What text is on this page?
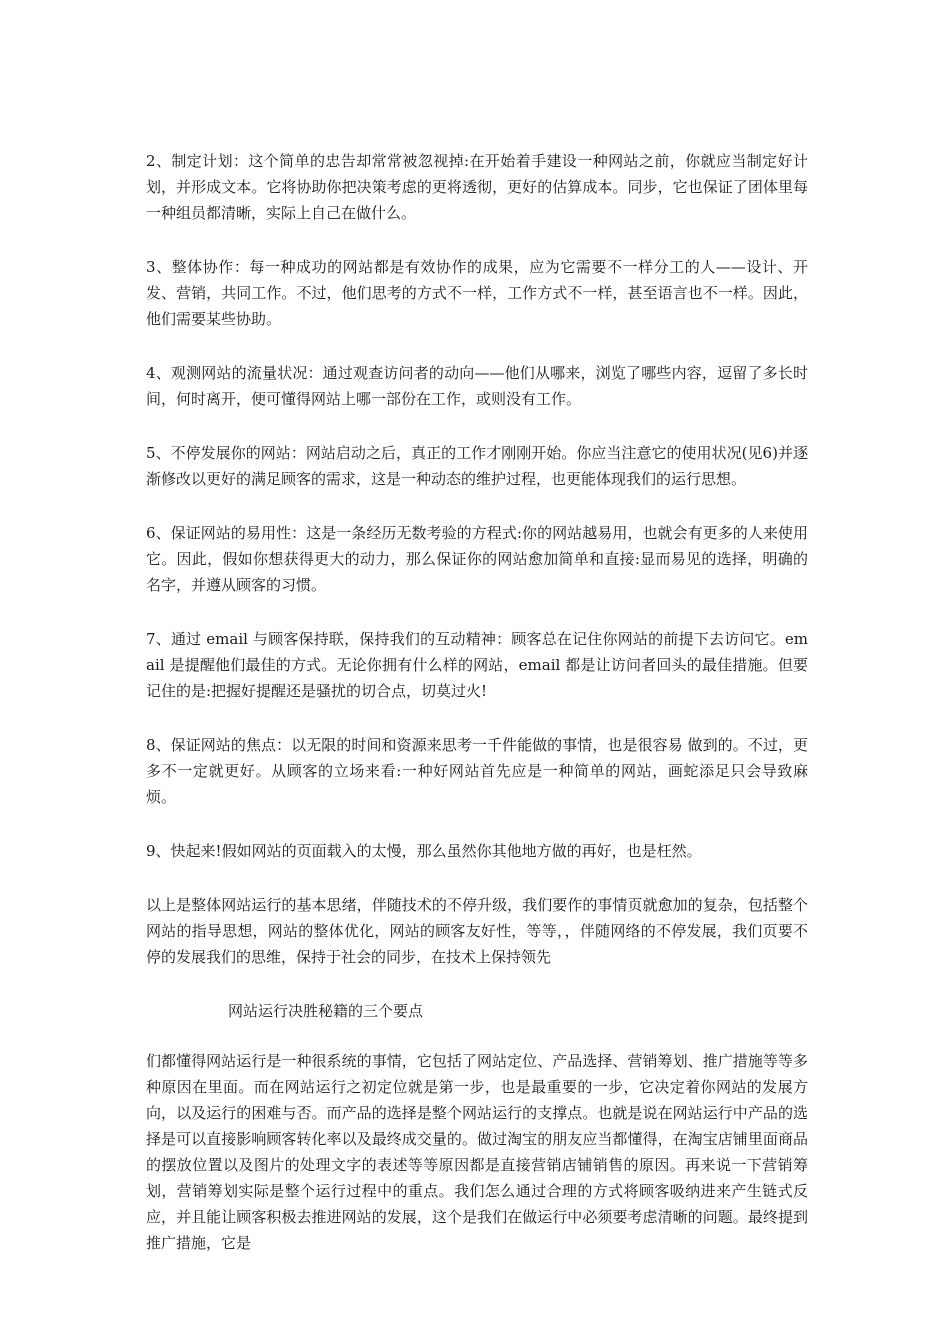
2、制定计划：这个简单的忠告却常常被忽视掉:在开始着手建设一种网站之前，你就应当制定好计划，并形成文本。它将协助你把决策考虑的更将透彻，更好的估算成本。同步，它也保证了团体里每一种组员都清晰，实际上自己在做什么。

3、整体协作：每一种成功的网站都是有效协作的成果，应为它需要不一样分工的人——设计、开发、营销，共同工作。不过，他们思考的方式不一样，工作方式不一样，甚至语言也不一样。因此，他们需要某些协助。

4、观测网站的流量状况：通过观查访问者的动向——他们从哪来，浏览了哪些内容，逗留了多长时间，何时离开，便可懂得网站上哪一部份在工作，或则没有工作。

5、不停发展你的网站：网站启动之后，真正的工作才刚刚开始。你应当注意它的使用状况(见6)并逐渐修改以更好的满足顾客的需求，这是一种动态的维护过程，也更能体现我们的运行思想。

6、保证网站的易用性：这是一条经历无数考验的方程式:你的网站越易用，也就会有更多的人来使用它。因此，假如你想获得更大的动力，那么保证你的网站愈加简单和直接:显而易见的选择，明确的名字，并遵从顾客的习惯。

7、通过 email 与顾客保持联，保持我们的互动精神：顾客总在记住你网站的前提下去访问它。email 是提醒他们最佳的方式。无论你拥有什么样的网站，email 都是让访问者回头的最佳措施。但要记住的是:把握好提醒还是骚扰的切合点，切莫过火!

8、保证网站的焦点：以无限的时间和资源来思考一千件能做的事情，也是很容易 做到的。不过，更多不一定就更好。从顾客的立场来看:一种好网站首先应是一种简单的网站，画蛇添足只会导致麻烦。

9、快起来!假如网站的页面载入的太慢，那么虽然你其他地方做的再好，也是枉然。

以上是整体网站运行的基本思绪，伴随技术的不停升级，我们要作的事情页就愈加的复杂，包括整个网站的指导思想，网站的整体优化，网站的顾客友好性，等等，，伴随网络的不停发展，我们页要不停的发展我们的思维，保持于社会的同步，在技术上保持领先

网站运行决胜秘籍的三个要点

们都懂得网站运行是一种很系统的事情，它包括了网站定位、产品选择、营销筹划、推广措施等等多种原因在里面。而在网站运行之初定位就是第一步，也是最重要的一步，它决定着你网站的发展方向，以及运行的困难与否。而产品的选择是整个网站运行的支撑点。也就是说在网站运行中产品的选择是可以直接影响顾客转化率以及最终成交量的。做过淘宝的朋友应当都懂得，在淘宝店铺里面商品的摆放位置以及图片的处理文字的表述等等原因都是直接营销店铺销售的原因。再来说一下营销筹划，营销筹划实际是整个运行过程中的重点。我们怎么通过合理的方式将顾客吸纳进来产生链式反应，并且能让顾客积极去推进网站的发展，这个是我们在做运行中必须要考虑清晰的问题。最终提到推广措施，它是
